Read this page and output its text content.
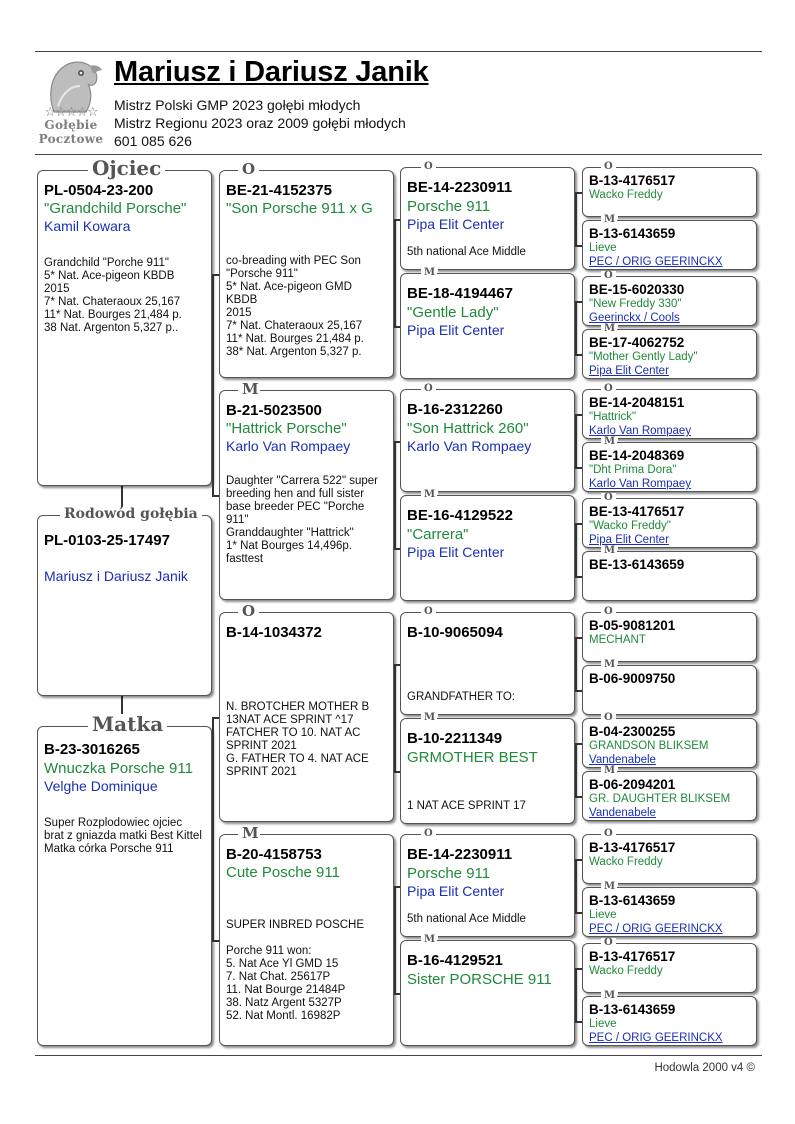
☆☆☆☆☆
Gołębie
Pocztowe
Mariusz i Dariusz Janik
Mistrz Polski GMP 2023 gołębi młodych
Mistrz Regionu 2023 oraz 2009 gołębi młodych
601 085 626
Ojciec
PL-0504-23-200
"Grandchild Porsche"
Kamil Kowara
Grandchild "Porche 911"
5* Nat. Ace-pigeon KBDB
2015
7* Nat. Chateraoux 25,167
11* Nat. Bourges 21,484 p.
38 Nat. Argenton 5,327 p..
Rodowód gołębia
PL-0103-25-17497
Mariusz i Dariusz Janik
Matka
B-23-3016265
Wnuczka Porsche 911
Velghe Dominique
Super Rozplodowiec ojciec
brat z gniazda matki Best Kittel
Matka córka Porsche 911
O
BE-21-4152375
"Son Porsche 911 x G
co-breading with PEC Son
"Porsche 911"
5* Nat. Ace-pigeon GMD
KBDB
2015
7* Nat. Chateraoux 25,167
11* Nat. Bourges 21,484 p.
38* Nat. Argenton 5,327 p.
M
B-21-5023500
"Hattrick Porsche"
Karlo Van Rompaey
Daughter "Carrera 522" super
breeding hen and full sister
base breeder PEC "Porche
911"
Granddaughter "Hattrick"
1* Nat Bourges 14,496p.
fasttest
O
B-14-1034372
N. BROTCHER MOTHER B
13NAT ACE SPRINT ^17
FATCHER TO 10. NAT AC
SPRINT 2021
G. FATHER TO 4. NAT ACE
SPRINT 2021
M
B-20-4158753
Cute Posche 911
SUPER INBRED POSCHE
Porche 911 won:
5. Nat Ace Yl GMD 15
7. Nat Chat. 25617P
11. Nat Bourge 21484P
38. Natz Argent 5327P
52. Nat Montl. 16982P
O
BE-14-2230911
Porsche 911
Pipa Elit Center
5th national Ace Middle
M
BE-18-4194467
"Gentle Lady"
Pipa Elit Center
O
B-16-2312260
"Son Hattrick 260"
Karlo Van Rompaey
M
BE-16-4129522
"Carrera"
Pipa Elit Center
O
B-10-9065094
GRANDFATHER TO:
M
B-10-2211349
GRMOTHER BEST
1 NAT ACE SPRINT 17
O
BE-14-2230911
Porsche 911
Pipa Elit Center
5th national Ace Middle
M
B-16-4129521
Sister PORSCHE 911
O
B-13-4176517
Wacko Freddy
M
B-13-6143659
Lieve
PEC / ORIG GEERINCKX
O
BE-15-6020330
"New Freddy 330"
Geerinckx / Cools
M
BE-17-4062752
"Mother Gently Lady"
Pipa Elit Center
O
BE-14-2048151
"Hattrick"
Karlo Van Rompaey
M
BE-14-2048369
"Dht Prima Dora"
Karlo Van Rompaey
O
BE-13-4176517
"Wacko Freddy"
Pipa Elit Center
M
BE-13-6143659
O
B-05-9081201
MECHANT
M
B-06-9009750
O
B-04-2300255
GRANDSON BLIKSEM
Vandenabele
M
B-06-2094201
GR. DAUGHTER BLIKSEM
Vandenabele
O
B-13-4176517
Wacko Freddy
M
B-13-6143659
Lieve
PEC / ORIG GEERINCKX
O
B-13-4176517
Wacko Freddy
M
B-13-6143659
Lieve
PEC / ORIG GEERINCKX
Hodowla 2000 v4 ©
